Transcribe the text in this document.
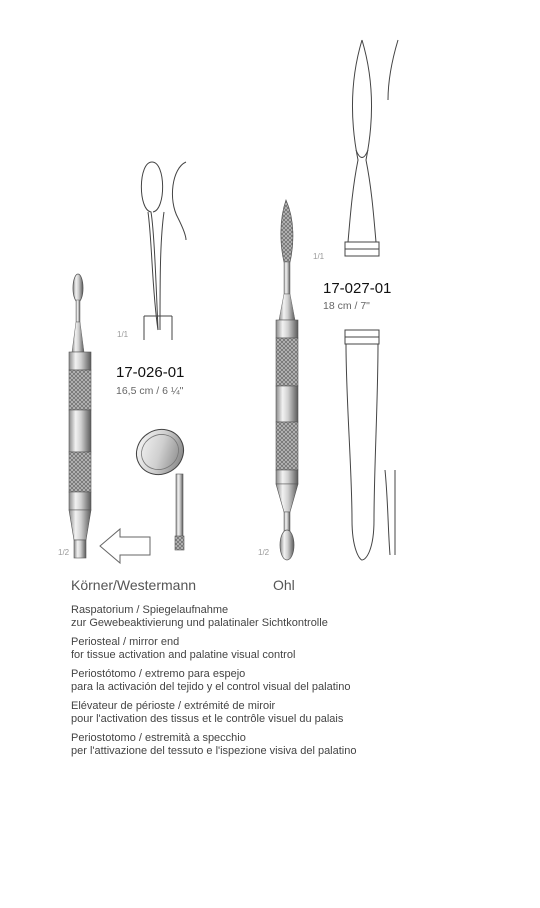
1/1
1/1
1/2	1/2
17-026-01
16,5 cm / 6 ¼"
17-027-01
18 cm / 7"
Körner/Westermann	Ohl

Raspatorium / Spiegelaufnahme
zur Gewebeaktivierung und palatinaler Sichtkontrolle

Periosteal / mirror end
for tissue activation and palatine visual control

Periostótomo / extremo para espejo
para la activación del tejido y el control visual del palatino

Elévateur de périoste / extrémité de miroir
pour l'activation des tissus et le contrôle visuel du palais

Periostotomo / estremità a specchio
per l'attivazione del tessuto e l'ispezione visiva del palatino
